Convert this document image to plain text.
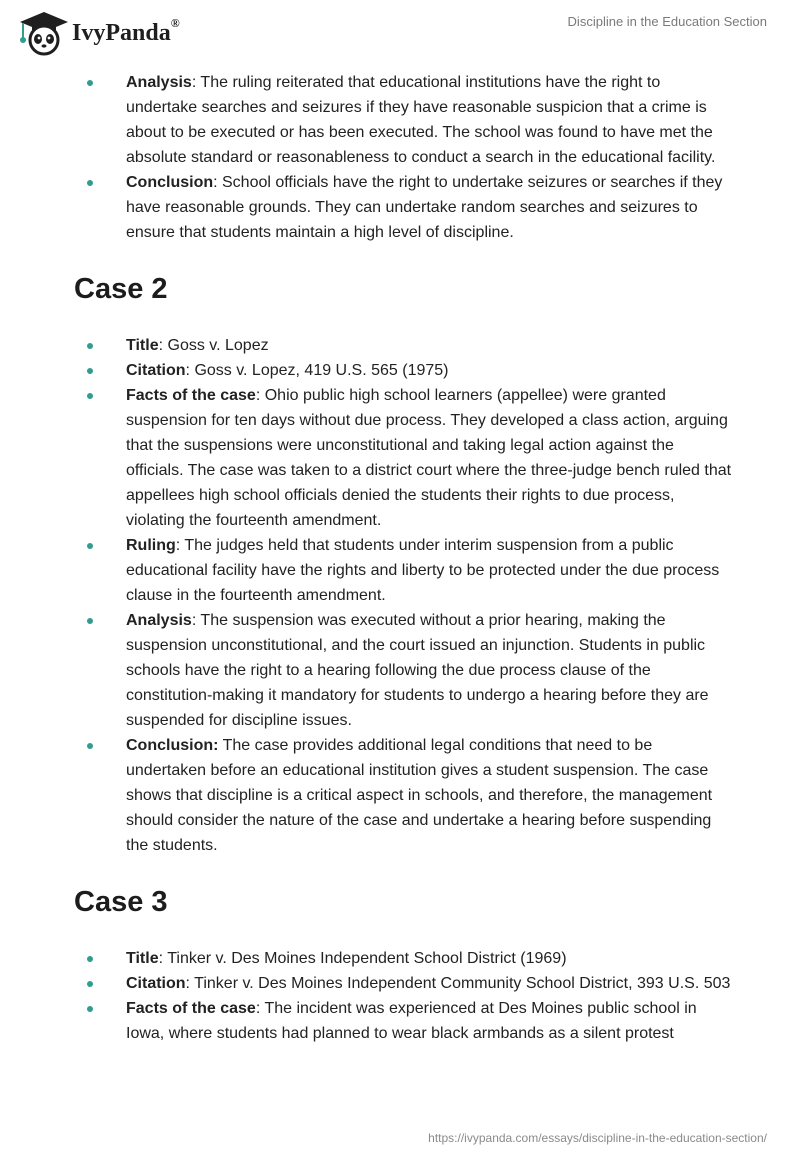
IvyPanda®	Discipline in the Education Section
Analysis: The ruling reiterated that educational institutions have the right to undertake searches and seizures if they have reasonable suspicion that a crime is about to be executed or has been executed. The school was found to have met the absolute standard or reasonableness to conduct a search in the educational facility.
Conclusion: School officials have the right to undertake seizures or searches if they have reasonable grounds. They can undertake random searches and seizures to ensure that students maintain a high level of discipline.
Case 2
Title: Goss v. Lopez
Citation: Goss v. Lopez, 419 U.S. 565 (1975)
Facts of the case: Ohio public high school learners (appellee) were granted suspension for ten days without due process. They developed a class action, arguing that the suspensions were unconstitutional and taking legal action against the officials. The case was taken to a district court where the three-judge bench ruled that appellees high school officials denied the students their rights to due process, violating the fourteenth amendment.
Ruling: The judges held that students under interim suspension from a public educational facility have the rights and liberty to be protected under the due process clause in the fourteenth amendment.
Analysis: The suspension was executed without a prior hearing, making the suspension unconstitutional, and the court issued an injunction. Students in public schools have the right to a hearing following the due process clause of the constitution-making it mandatory for students to undergo a hearing before they are suspended for discipline issues.
Conclusion: The case provides additional legal conditions that need to be undertaken before an educational institution gives a student suspension. The case shows that discipline is a critical aspect in schools, and therefore, the management should consider the nature of the case and undertake a hearing before suspending the students.
Case 3
Title: Tinker v. Des Moines Independent School District (1969)
Citation: Tinker v. Des Moines Independent Community School District, 393 U.S. 503
Facts of the case: The incident was experienced at Des Moines public school in Iowa, where students had planned to wear black armbands as a silent protest
https://ivypanda.com/essays/discipline-in-the-education-section/
